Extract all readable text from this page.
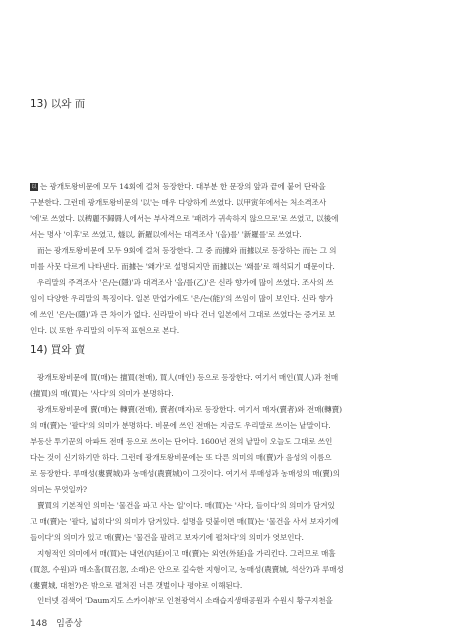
13) 以와 而
以 는 광개토왕비문에 모두 14회에 걸쳐 등장한다. 대부분 한 문장의 앞과 끝에 붙어 단락을
구분한다. 그런데 광개토왕비문의 '以'는 매우 다양하게 쓰였다. 以甲寅年에서는 처소격조사
'에'로 쓰였다. 以稗麗不歸脣人에서는 부사격으로 '패려가 귀속하지 않으므로'로 쓰였고, 以後에
서는 명사 '이후'로 쓰였고, 燧以, 新羅以에서는 대격조사 '(을)를' '新羅를'로 쓰였다.
而는 광개토왕비문에 모두 9회에 걸쳐 등장한다. 그 중 而據와 而據以로 등장하는 而는 그 의
미를 사뭇 다르게 나타낸다. 而據는 '왜가'로 설명되지만 而據以는 '왜를'로 해석되기 때문이다.
우리말의 주격조사 '은/는(隱)'과 대격조사 '을/를(乙)'은 신라 향가에 많이 쓰였다. 조사의 쓰
임이 다양한 우리말의 특징이다. 일본 만엽가에도 '은/는(能)'의 쓰임이 많이 보인다. 신라 향가
에 쓰인 '은/는(隱)'과 큰 차이가 없다. 신라말이 바다 건너 일본에서 그대로 쓰였다는 증거로 보
인다. 以 또한 우리말의 이두적 표현으로 본다.
14) 買와 賣
광개토왕비문에 買(매)는 擅買(천매), 買人(매인) 등으로 등장한다. 여기서 매인(買人)과 천매
(擅買)의 매(買)는 '사다'의 의미가 분명하다.
광개토왕비문에 賣(매)는 轉賣(전매), 賣者(매자)로 등장한다. 여기서 매자(賣者)와 전매(轉賣)
의 매(賣)는 '팔다'의 의미가 분명하다. 비문에 쓰인 전매는 지금도 우리말로 쓰이는 낱말이다.
부동산 투기꾼의 아파트 전매 등으로 쓰이는 단어다. 1600년 전의 낱말이 오늘도 그대로 쓰인
다는 것이 신기하기만 하다. 그런데 광개토왕비문에는 또 다른 의미의 매(賣)가 음성의 이름으
로 등장한다. 루매성(婁賣城)과 농매성(農賣城)이 그것이다. 여기서 루매성과 농매성의 매(賣)의
의미는 무엇일까?
賣買의 기본적인 의미는 '물건을 파고 사는 일'이다. 매(買)는 '사다, 들이다'의 의미가 담겨있
고 매(賣)는 '팔다, 넓히다'의 의미가 담겨있다. 설명을 덧붙이면 매(買)는 '물건을 사서 보자기에
들이다'의 의미가 있고 매(賣)는 '물건을 팔려고 보자기에 펼쳐다'의 의미가 엿보인다.
지형적인 의미에서 매(買)는 내연(內延)이고 매(賣)는 외연(外延)을 가리킨다. 그러므로 매홀
(買忽, 수원)과 매소홀(買召忽, 소래)은 안으로 깊숙한 지형이고, 농매성(農賣城, 석산?)과 루매성
(婁賣城, 대천?)은 밖으로 펼쳐진 너른 갯벌이나 평야로 이해된다.
인터넷 검색어 'Daum지도 스카이뷰'로 인천광역시 소래습지생태공원과 수원시 황구지천을
148 임종상
